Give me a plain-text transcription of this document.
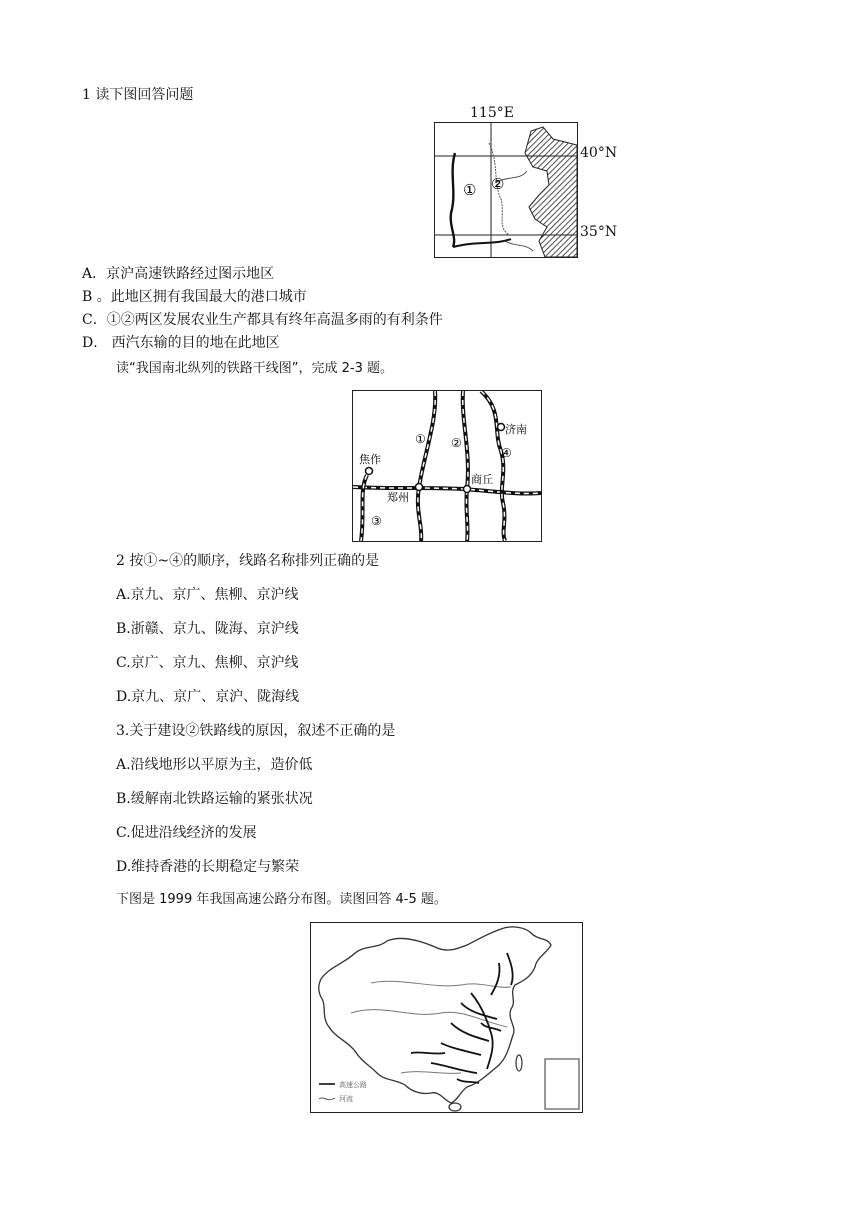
1 读下图回答问题
① ②
115°E
40°N
35°N
A．京沪高速铁路经过图示地区
B 。此地区拥有我国最大的港口城市
C．①②两区发展农业生产都具有终年高温多雨的有利条件
D． 西汽东输的目的地在此地区
读“我国南北纵列的铁路干线图”，完成 2-3 题。
济南
焦作
郑州
商丘
① ②
③
④
2 按①~④的顺序，线路名称排列正确的是
A.京九、京广、焦柳、京沪线
B.浙赣、京九、陇海、京沪线
C.京广、京九、焦柳、京沪线
D.京九、京广、京沪、陇海线
3.关于建设②铁路线的原因，叙述不正确的是
A.沿线地形以平原为主，造价低
B.缓解南北铁路运输的紧张状况
C.促进沿线经济的发展
D.维持香港的长期稳定与繁荣
下图是 1999 年我国高速公路分布图。读图回答 4-5 题。
高速公路
河流
